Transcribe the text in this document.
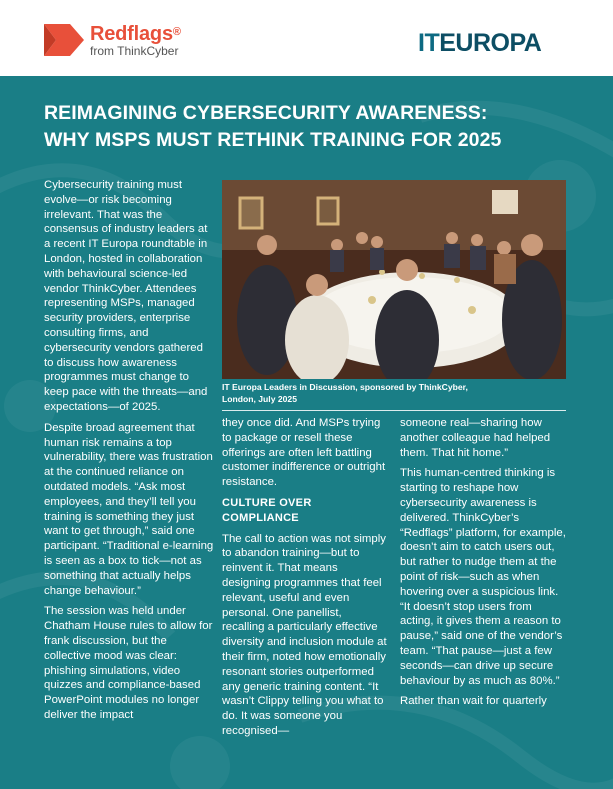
Redflags®
from ThinkCyber	ITEUROPA
REIMAGINING CYBERSECURITY AWARENESS:
WHY MSPS MUST RETHINK TRAINING FOR 2025

Cybersecurity training must evolve—or risk becoming irrelevant. That was the consensus of industry leaders at a recent IT Europa roundtable in London, hosted in collaboration with behavioural science-led vendor ThinkCyber. Attendees representing MSPs, managed security providers, enterprise consulting firms, and cybersecurity vendors gathered to discuss how awareness programmes must change to keep pace with the threats—and expectations—of 2025.

Despite broad agreement that human risk remains a top vulnerability, there was frustration at the continued reliance on outdated models. “Ask most employees, and they’ll tell you training is something they just want to get through,” said one participant. “Traditional e-learning is seen as a box to tick—not as something that actually helps change behaviour.”

The session was held under Chatham House rules to allow for frank discussion, but the collective mood was clear: phishing simulations, video quizzes and compliance-based PowerPoint modules no longer deliver the impact

IT Europa Leaders in Discussion, sponsored by ThinkCyber,
London, July 2025

they once did. And MSPs trying to package or resell these offerings are often left battling customer indifference or outright resistance.

CULTURE OVER COMPLIANCE

The call to action was not simply to abandon training—but to reinvent it. That means designing programmes that feel relevant, useful and even personal. One panellist, recalling a particularly effective diversity and inclusion module at their firm, noted how emotionally resonant stories outperformed any generic training content. “It wasn’t Clippy telling you what to do. It was someone you recognised—

someone real—sharing how another colleague had helped them. That hit home.”

This human-centred thinking is starting to reshape how cybersecurity awareness is delivered. ThinkCyber’s “Redflags” platform, for example, doesn’t aim to catch users out, but rather to nudge them at the point of risk—such as when hovering over a suspicious link. “It doesn’t stop users from acting, it gives them a reason to pause,” said one of the vendor’s team. “That pause—just a few seconds—can drive up secure behaviour by as much as 80%.”

Rather than wait for quarterly
